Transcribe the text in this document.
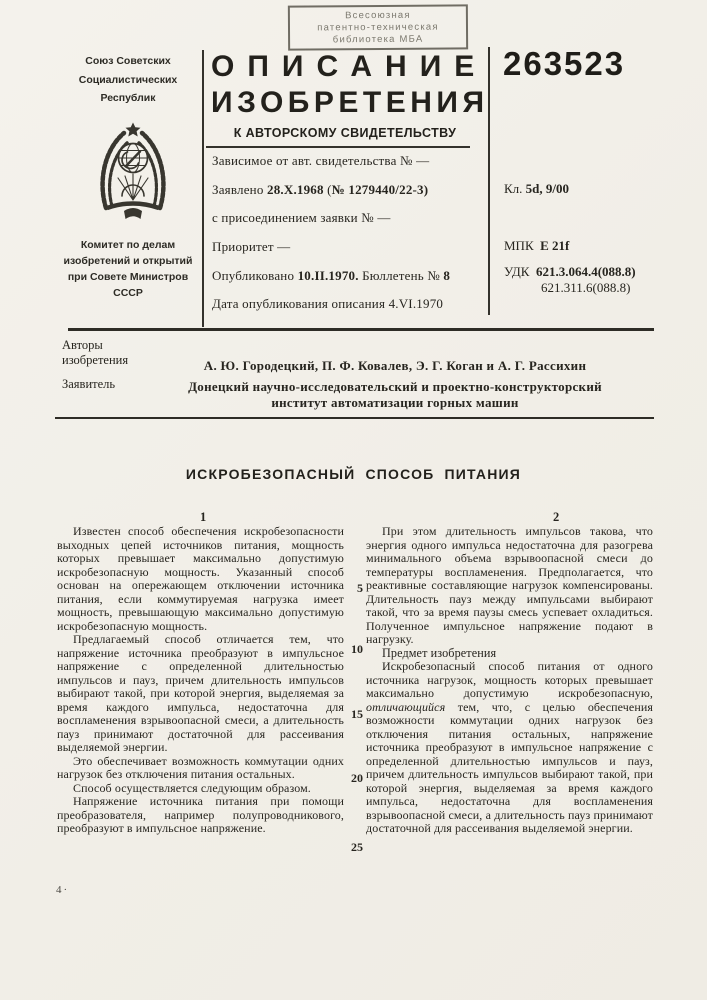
Всесоюзная
патентно-техническая
библиотека МБА
Союз Советских
Социалистических
Республик
Комитет по делам
изобретений и открытий
при Совете Министров
СССР
ОПИСАНИЕ
ИЗОБРЕТЕНИЯ
К АВТОРСКОМУ СВИДЕТЕЛЬСТВУ
263523
Зависимое от авт. свидетельства № —
Заявлено 28.X.1968 (№ 1279440/22-3)
с присоединением заявки № —
Приоритет —
Опубликовано 10.II.1970. Бюллетень № 8
Дата опубликования описания 4.VI.1970
Кл. 5d, 9/00
МПК E 21f
УДК 621.3.064.4(088.8)
621.311.6(088.8)
Авторы
изобретения	А. Ю. Городецкий, П. Ф. Ковалев, Э. Г. Коган и А. Г. Рассихин
Заявитель	Донецкий научно-исследовательский и проектно-конструкторский
институт автоматизации горных машин
ИСКРОБЕЗОПАСНЫЙ СПОСОБ ПИТАНИЯ
1	2

Известен способ обеспечения искробезопасности выходных цепей источников питания, мощность которых превышает максимально допустимую искробезопасную мощность. Указанный способ основан на опережающем отключении источника питания, если коммутируемая нагрузка имеет мощность, превышающую максимально допустимую искробезопасную мощность.

Предлагаемый способ отличается тем, что напряжение источника преобразуют в импульсное напряжение с определенной длительностью импульсов и пауз, причем длительность импульсов выбирают такой, при которой энергия, выделяемая за время каждого импульса, недостаточна для воспламенения взрывоопасной смеси, а длительность пауз принимают достаточной для рассеивания выделяемой энергии.

Это обеспечивает возможность коммутации одних нагрузок без отключения питания остальных.

Способ осуществляется следующим образом.

Напряжение источника питания при помощи преобразователя, например полупроводникового, преобразуют в импульсное напряжение.

При этом длительность импульсов такова, что энергия одного импульса недостаточна для разогрева минимального объема взрывоопасной смеси до температуры воспламенения. Предполагается, что реактивные составляющие нагрузок компенсированы. Длительность пауз между импульсами выбирают такой, что за время паузы смесь успевает охладиться. Полученное импульсное напряжение подают в нагрузку.

Предмет изобретения

Искробезопасный способ питания от одного источника нагрузок, мощность которых превышает максимально допустимую искробезопасную, отличающийся тем, что, с целью обеспечения возможности коммутации одних нагрузок без отключения питания остальных, напряжение источника преобразуют в импульсное напряжение с определенной длительностью импульсов и пауз, причем длительность импульсов выбирают такой, при которой энергия, выделяемая за время каждого импульса, недостаточна для воспламенения взрывоопасной смеси, а длительность пауз принимают достаточной для рассеивания выделяемой энергии.

5
10
15
20
25
4·
